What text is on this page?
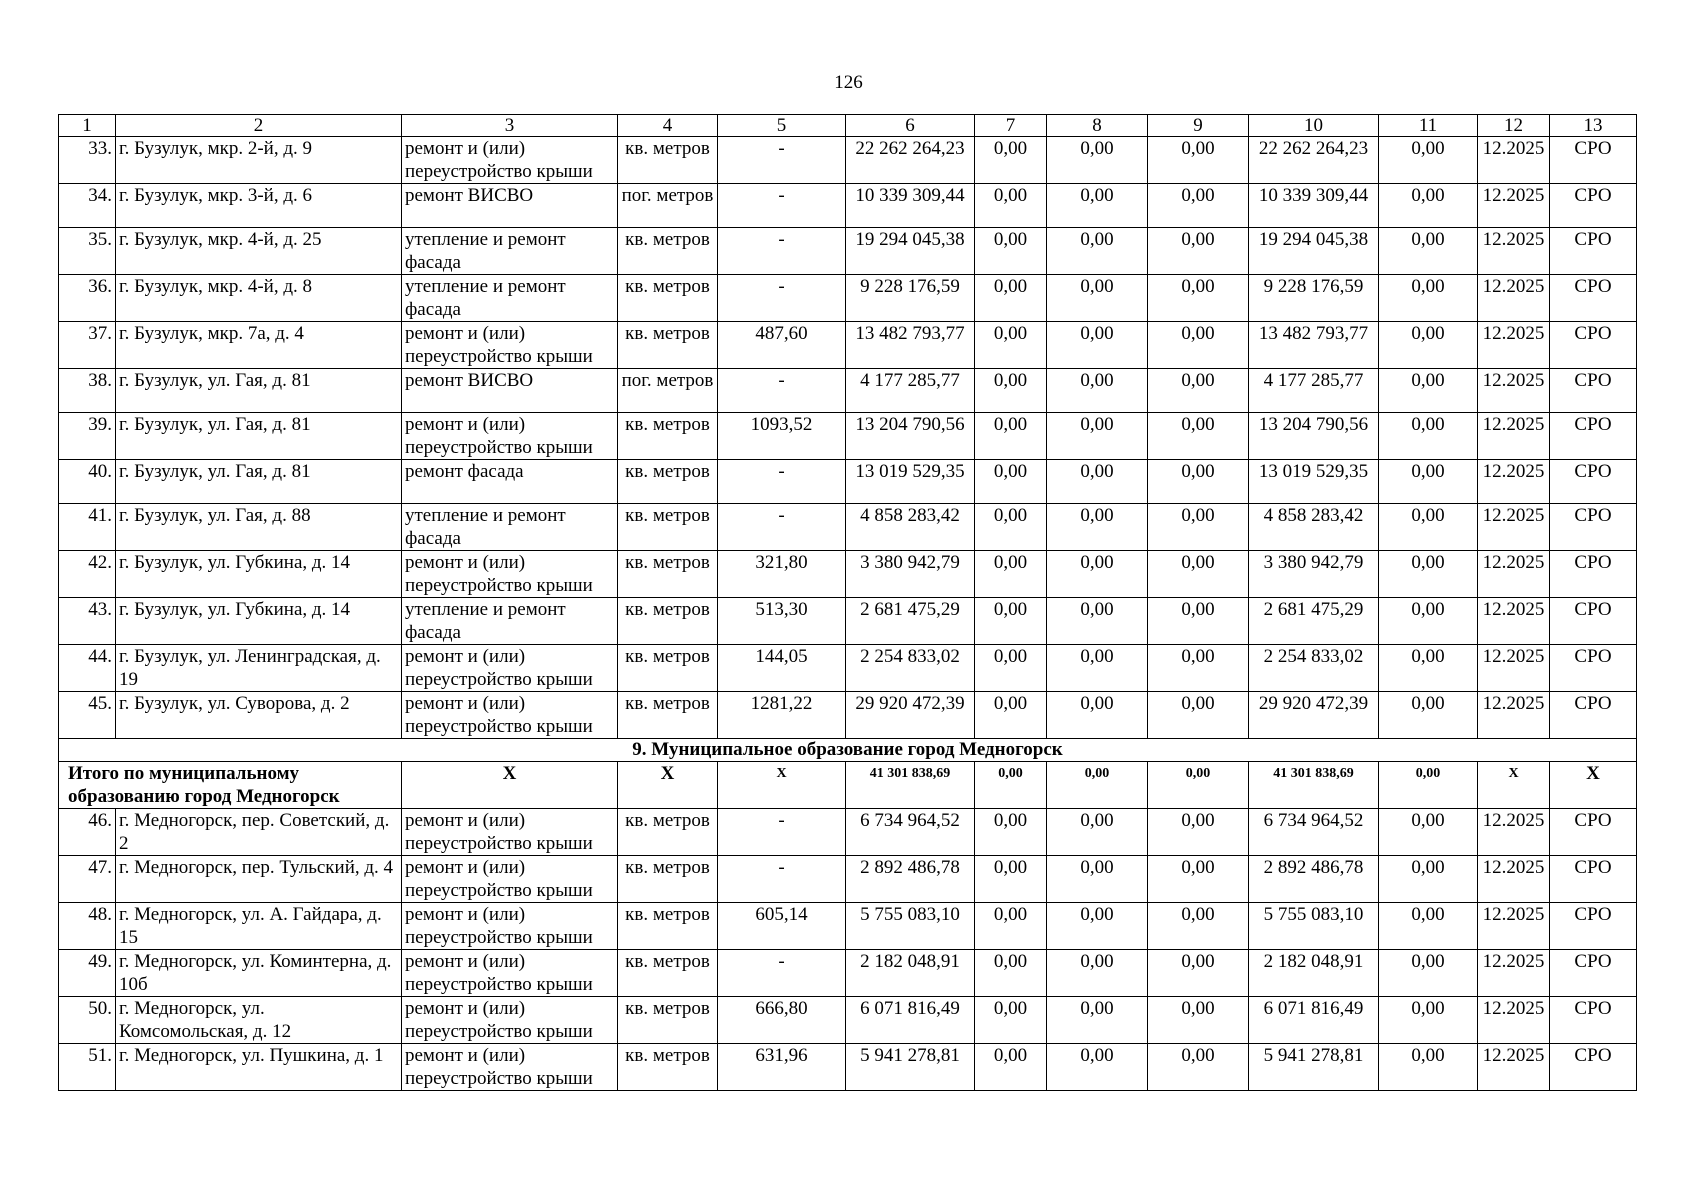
126
1	2	3	4	5	6	7	8	9	10	11	12	13
33.	г. Бузулук, мкр. 2-й, д. 9	ремонт и (или) переустройство крыши	кв. метров	-	22 262 264,23	0,00	0,00	0,00	22 262 264,23	0,00	12.2025	СРО
34.	г. Бузулук, мкр. 3-й, д. 6	ремонт ВИСВО	пог. метров	-	10 339 309,44	0,00	0,00	0,00	10 339 309,44	0,00	12.2025	СРО
35.	г. Бузулук, мкр. 4-й, д. 25	утепление и ремонт фасада	кв. метров	-	19 294 045,38	0,00	0,00	0,00	19 294 045,38	0,00	12.2025	СРО
36.	г. Бузулук, мкр. 4-й, д. 8	утепление и ремонт фасада	кв. метров	-	9 228 176,59	0,00	0,00	0,00	9 228 176,59	0,00	12.2025	СРО
37.	г. Бузулук, мкр. 7а, д. 4	ремонт и (или) переустройство крыши	кв. метров	487,60	13 482 793,77	0,00	0,00	0,00	13 482 793,77	0,00	12.2025	СРО
38.	г. Бузулук, ул. Гая, д. 81	ремонт ВИСВО	пог. метров	-	4 177 285,77	0,00	0,00	0,00	4 177 285,77	0,00	12.2025	СРО
39.	г. Бузулук, ул. Гая, д. 81	ремонт и (или) переустройство крыши	кв. метров	1093,52	13 204 790,56	0,00	0,00	0,00	13 204 790,56	0,00	12.2025	СРО
40.	г. Бузулук, ул. Гая, д. 81	ремонт фасада	кв. метров	-	13 019 529,35	0,00	0,00	0,00	13 019 529,35	0,00	12.2025	СРО
41.	г. Бузулук, ул. Гая, д. 88	утепление и ремонт фасада	кв. метров	-	4 858 283,42	0,00	0,00	0,00	4 858 283,42	0,00	12.2025	СРО
42.	г. Бузулук, ул. Губкина, д. 14	ремонт и (или) переустройство крыши	кв. метров	321,80	3 380 942,79	0,00	0,00	0,00	3 380 942,79	0,00	12.2025	СРО
43.	г. Бузулук, ул. Губкина, д. 14	утепление и ремонт фасада	кв. метров	513,30	2 681 475,29	0,00	0,00	0,00	2 681 475,29	0,00	12.2025	СРО
44.	г. Бузулук, ул. Ленинградская, д. 19	ремонт и (или) переустройство крыши	кв. метров	144,05	2 254 833,02	0,00	0,00	0,00	2 254 833,02	0,00	12.2025	СРО
45.	г. Бузулук, ул. Суворова, д. 2	ремонт и (или) переустройство крыши	кв. метров	1281,22	29 920 472,39	0,00	0,00	0,00	29 920 472,39	0,00	12.2025	СРО
9. Муниципальное образование город Медногорск												
Итого по муниципальному образованию город Медногорск		X	X	X	41 301 838,69	0,00	0,00	0,00	41 301 838,69	0,00	X	X
46.	г. Медногорск, пер. Советский, д. 2	ремонт и (или) переустройство крыши	кв. метров	-	6 734 964,52	0,00	0,00	0,00	6 734 964,52	0,00	12.2025	СРО
47.	г. Медногорск, пер. Тульский, д. 4	ремонт и (или) переустройство крыши	кв. метров	-	2 892 486,78	0,00	0,00	0,00	2 892 486,78	0,00	12.2025	СРО
48.	г. Медногорск, ул. А. Гайдара, д. 15	ремонт и (или) переустройство крыши	кв. метров	605,14	5 755 083,10	0,00	0,00	0,00	5 755 083,10	0,00	12.2025	СРО
49.	г. Медногорск, ул. Коминтерна, д. 10б	ремонт и (или) переустройство крыши	кв. метров	-	2 182 048,91	0,00	0,00	0,00	2 182 048,91	0,00	12.2025	СРО
50.	г. Медногорск, ул. Комсомольская, д. 12	ремонт и (или) переустройство крыши	кв. метров	666,80	6 071 816,49	0,00	0,00	0,00	6 071 816,49	0,00	12.2025	СРО
51.	г. Медногорск, ул. Пушкина, д. 1	ремонт и (или) переустройство крыши	кв. метров	631,96	5 941 278,81	0,00	0,00	0,00	5 941 278,81	0,00	12.2025	СРО
